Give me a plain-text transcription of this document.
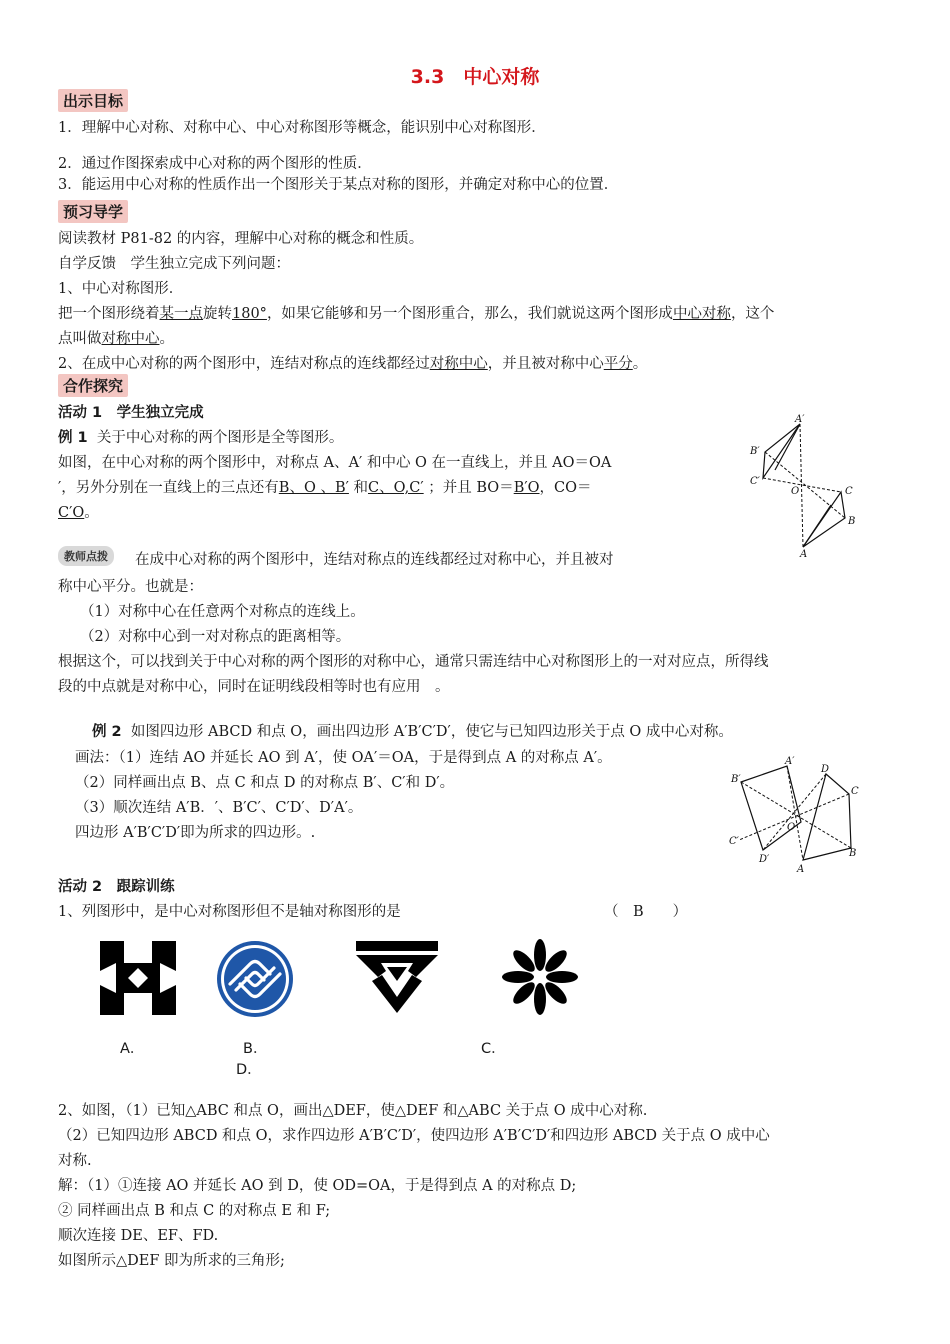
3.3　中心对称
出示目标
1．理解中心对称、对称中心、中心对称图形等概念，能识别中心对称图形．
2．通过作图探索成中心对称的两个图形的性质．
3．能运用中心对称的性质作出一个图形关于某点对称的图形，并确定对称中心的位置．
预习导学
阅读教材 P81-82 的内容，理解中心对称的概念和性质。
自学反馈　学生独立完成下列问题：
1、中心对称图形．
把一个图形绕着某一点旋转180°，如果它能够和另一个图形重合，那么，我们就说这两个图形成中心对称，这个
点叫做对称中心。
2、在成中心对称的两个图形中，连结对称点的连线都经过对称中心，并且被对称中心平分。
合作探究
活动 1　学生独立完成
例 1 关于中心对称的两个图形是全等图形。
如图，在中心对称的两个图形中，对称点 A、A′ 和中心 O 在一直线上，并且 AO＝OA
′，另外分别在一直线上的三点还有B、O 、B′ 和C、O,C′ ；并且 BO＝B′O，CO＝
C′O。
A′
B′
C′
O	C
B
A
教师点拨	在成中心对称的两个图形中，连结对称点的连线都经过对称中心，并且被对
称中心平分。也就是：
（1）对称中心在任意两个对称点的连线上。
（2）对称中心到一对对称点的距离相等。
根据这个，可以找到关于中心对称的两个图形的对称中心，通常只需连结中心对称图形上的一对对应点，所得线
段的中点就是对称中心，同时在证明线段相等时也有应用　。
例 2 如图四边形 ABCD 和点 O，画出四边形 A′B′C′D′，使它与已知四边形关于点 O 成中心对称。
画法：（1）连结 AO 并延长 AO 到 A′，使 OA′＝OA，于是得到点 A 的对称点 A′。
（2）同样画出点 B、点 C 和点 D 的对称点 B′、C′和 D′。
（3）顺次连结 A′B．′、B′C′、C′D′、D′A′。
四边形 A′B′C′D′即为所求的四边形。.
B′
A′
D
C
C′
O
D′
A
B
活动 2　跟踪训练
1、列图形中，是中心对称图形但不是轴对称图形的是	（　B　　）
A．	B．	C．
D．
2、如图，（1）已知△ABC 和点 O，画出△DEF，使△DEF 和△ABC 关于点 O 成中心对称.
（2）已知四边形 ABCD 和点 O，求作四边形 A′B′C′D′，使四边形 A′B′C′D′和四边形 ABCD 关于点 O 成中心
对称.
解：（1）①连接 AO 并延长 AO 到 D，使 OD=OA，于是得到点 A 的对称点 D;
② 同样画出点 B 和点 C 的对称点 E 和 F;
顺次连接 DE、EF、FD.
如图所示△DEF 即为所求的三角形;
